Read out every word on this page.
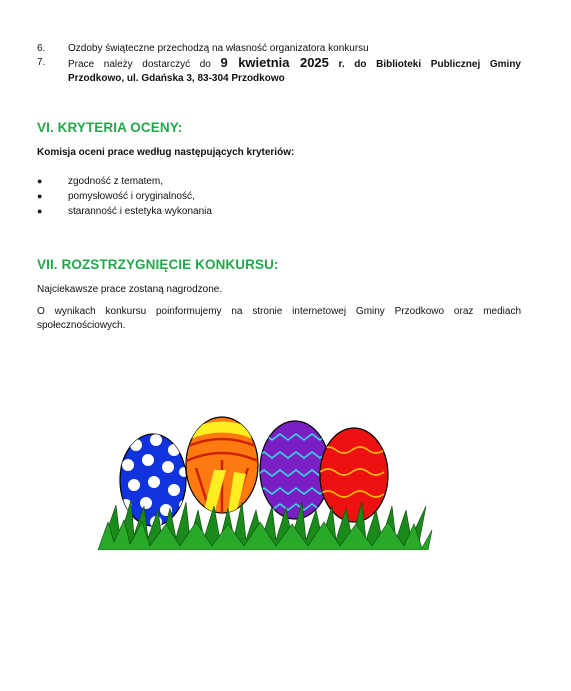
6.	Ozdoby świąteczne przechodzą na własność organizatora konkursu
7.	Prace należy dostarczyć do 9 kwietnia 2025 r. do Biblioteki Publicznej Gminy
Przodkowo, ul. Gdańska 3, 83-304 Przodkowo
VI. KRYTERIA OCENY:
Komisja oceni prace według następujących kryteriów:
●	zgodność z tematem,
●	pomysłowość i oryginalność,
●	staranność i estetyka wykonania
VII. ROZSTRZYGNIĘCIE KONKURSU:
Najciekawsze prace zostaną nagrodzone.
O wynikach konkursu poinformujemy na stronie internetowej Gminy Przodkowo oraz mediach społecznościowych.
